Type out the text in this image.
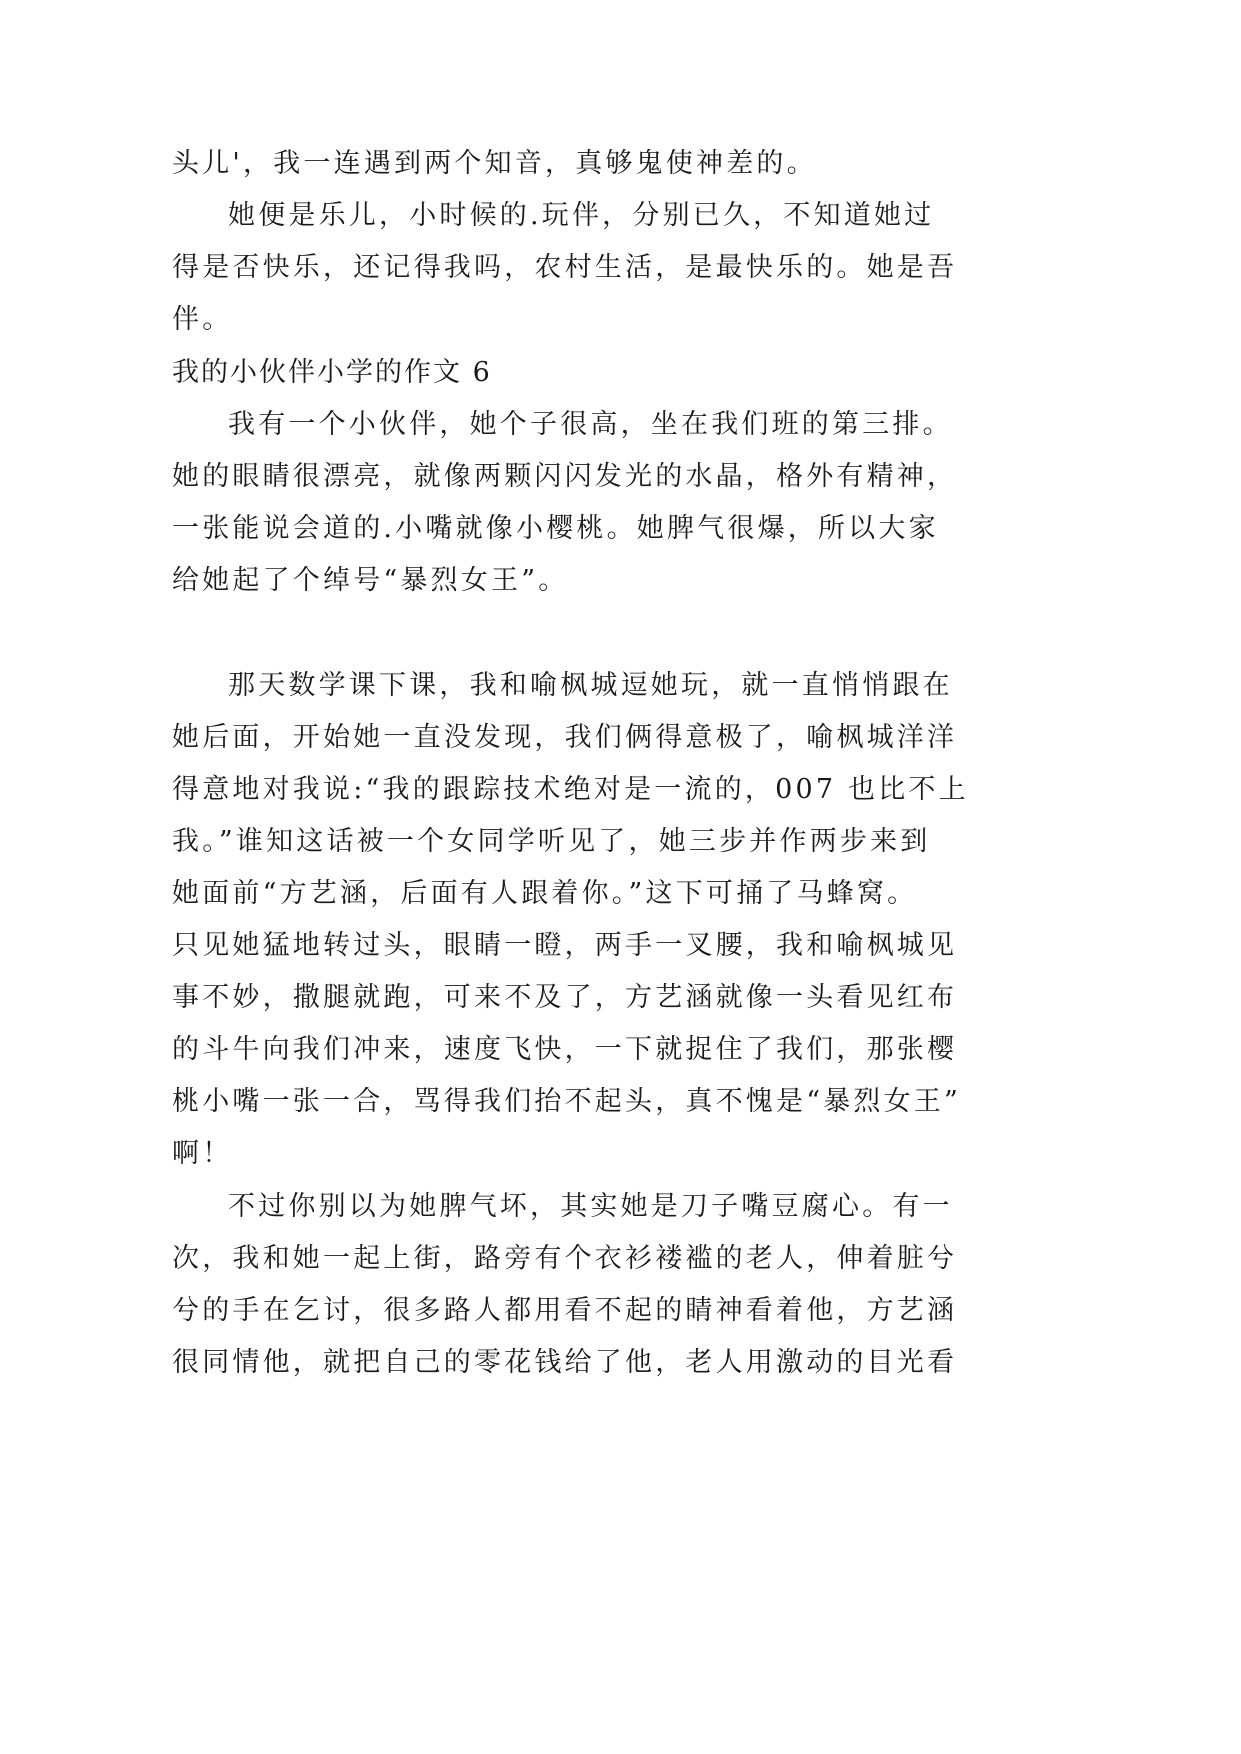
头儿'，我一连遇到两个知音，真够鬼使神差的。
她便是乐儿，小时候的.玩伴，分别已久，不知道她过
得是否快乐，还记得我吗，农村生活，是最快乐的。她是吾
伴。
我的小伙伴小学的作文 6
我有一个小伙伴，她个子很高，坐在我们班的第三排。
她的眼睛很漂亮，就像两颗闪闪发光的水晶，格外有精神，
一张能说会道的.小嘴就像小樱桃。她脾气很爆，所以大家
给她起了个绰号“暴烈女王”。
那天数学课下课，我和喻枫城逗她玩，就一直悄悄跟在
她后面，开始她一直没发现，我们俩得意极了，喻枫城洋洋
得意地对我说:“我的跟踪技术绝对是一流的，007 也比不上
我。”谁知这话被一个女同学听见了，她三步并作两步来到
她面前“方艺涵，后面有人跟着你。”这下可捅了马蜂窝。
只见她猛地转过头，眼睛一瞪，两手一叉腰，我和喻枫城见
事不妙，撒腿就跑，可来不及了，方艺涵就像一头看见红布
的斗牛向我们冲来，速度飞快，一下就捉住了我们，那张樱
桃小嘴一张一合，骂得我们抬不起头，真不愧是“暴烈女王”
啊！
不过你别以为她脾气坏，其实她是刀子嘴豆腐心。有一
次，我和她一起上街，路旁有个衣衫褛褴的老人，伸着脏兮
兮的手在乞讨，很多路人都用看不起的睛神看着他，方艺涵
很同情他，就把自己的零花钱给了他，老人用激动的目光看
